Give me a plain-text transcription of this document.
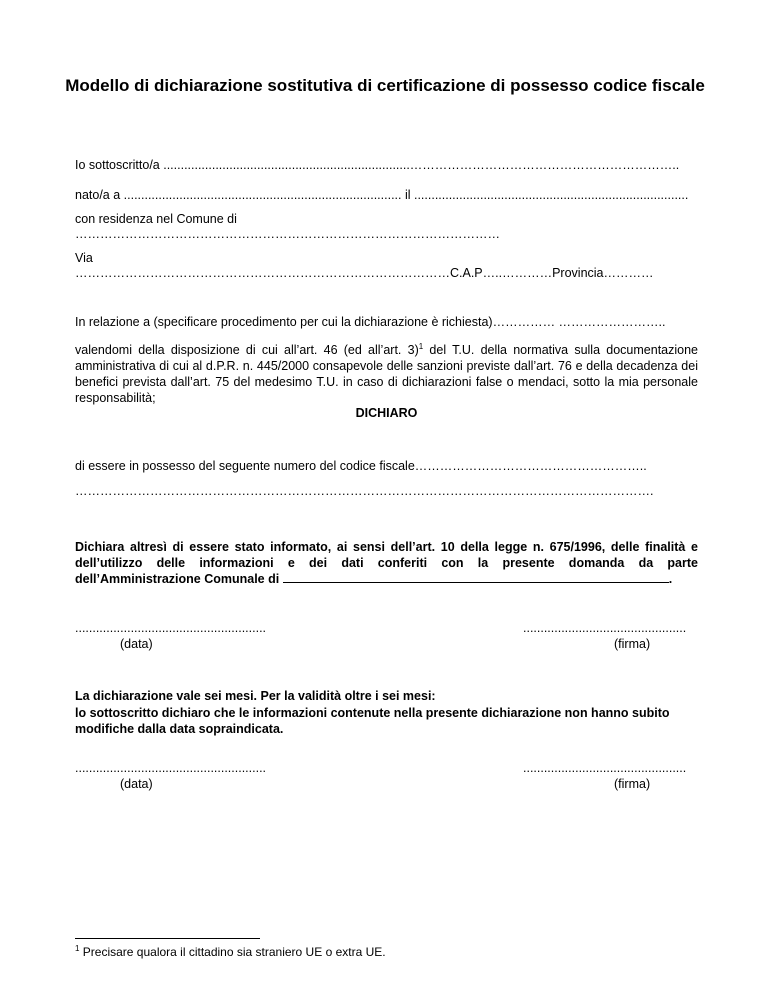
Modello di dichiarazione sostitutiva di certificazione di possesso codice fiscale
Io sottoscritto/a .......................................................................………………………………………………………..
nato/a a ................................................................................ il ...............................................................................
con residenza nel Comune di
…………………………………………………………………………………………
Via
………………………………………………………………………………C.A.P…..…………Provincia…………
In relazione a (specificare procedimento per cui la dichiarazione è richiesta)…………… ……………………..
valendomi della disposizione di cui all’art. 46 (ed all’art. 3)$^1$ del T.U. della normativa sulla documentazione amministrativa di cui al d.P.R. n. 445/2000 consapevole delle sanzioni previste dall’art. 76 e della decadenza dei benefici prevista dall’art. 75 del medesimo T.U. in caso di dichiarazioni false o mendaci, sotto la mia personale responsabilità;
DICHIARO
di essere in possesso del seguente numero del codice fiscale………………………………………………..
………………………………………………………………………………………………………………………….
Dichiara altresì di essere stato informato, ai sensi dell’art. 10 della legge n. 675/1996, delle finalità e dell’utilizzo delle informazioni e dei dati conferiti con la presente domanda da parte dell’Amministrazione Comunale di	.
.......................................................
(data)
...............................................
(firma)
La dichiarazione vale sei mesi. Per la validità oltre i sei mesi:
lo sottoscritto dichiaro che le informazioni contenute nella presente dichiarazione non hanno subito modifiche dalla data sopraindicata.
.......................................................
(data)
...............................................
(firma)
$^1$ Precisare qualora il cittadino sia straniero UE o extra UE.
